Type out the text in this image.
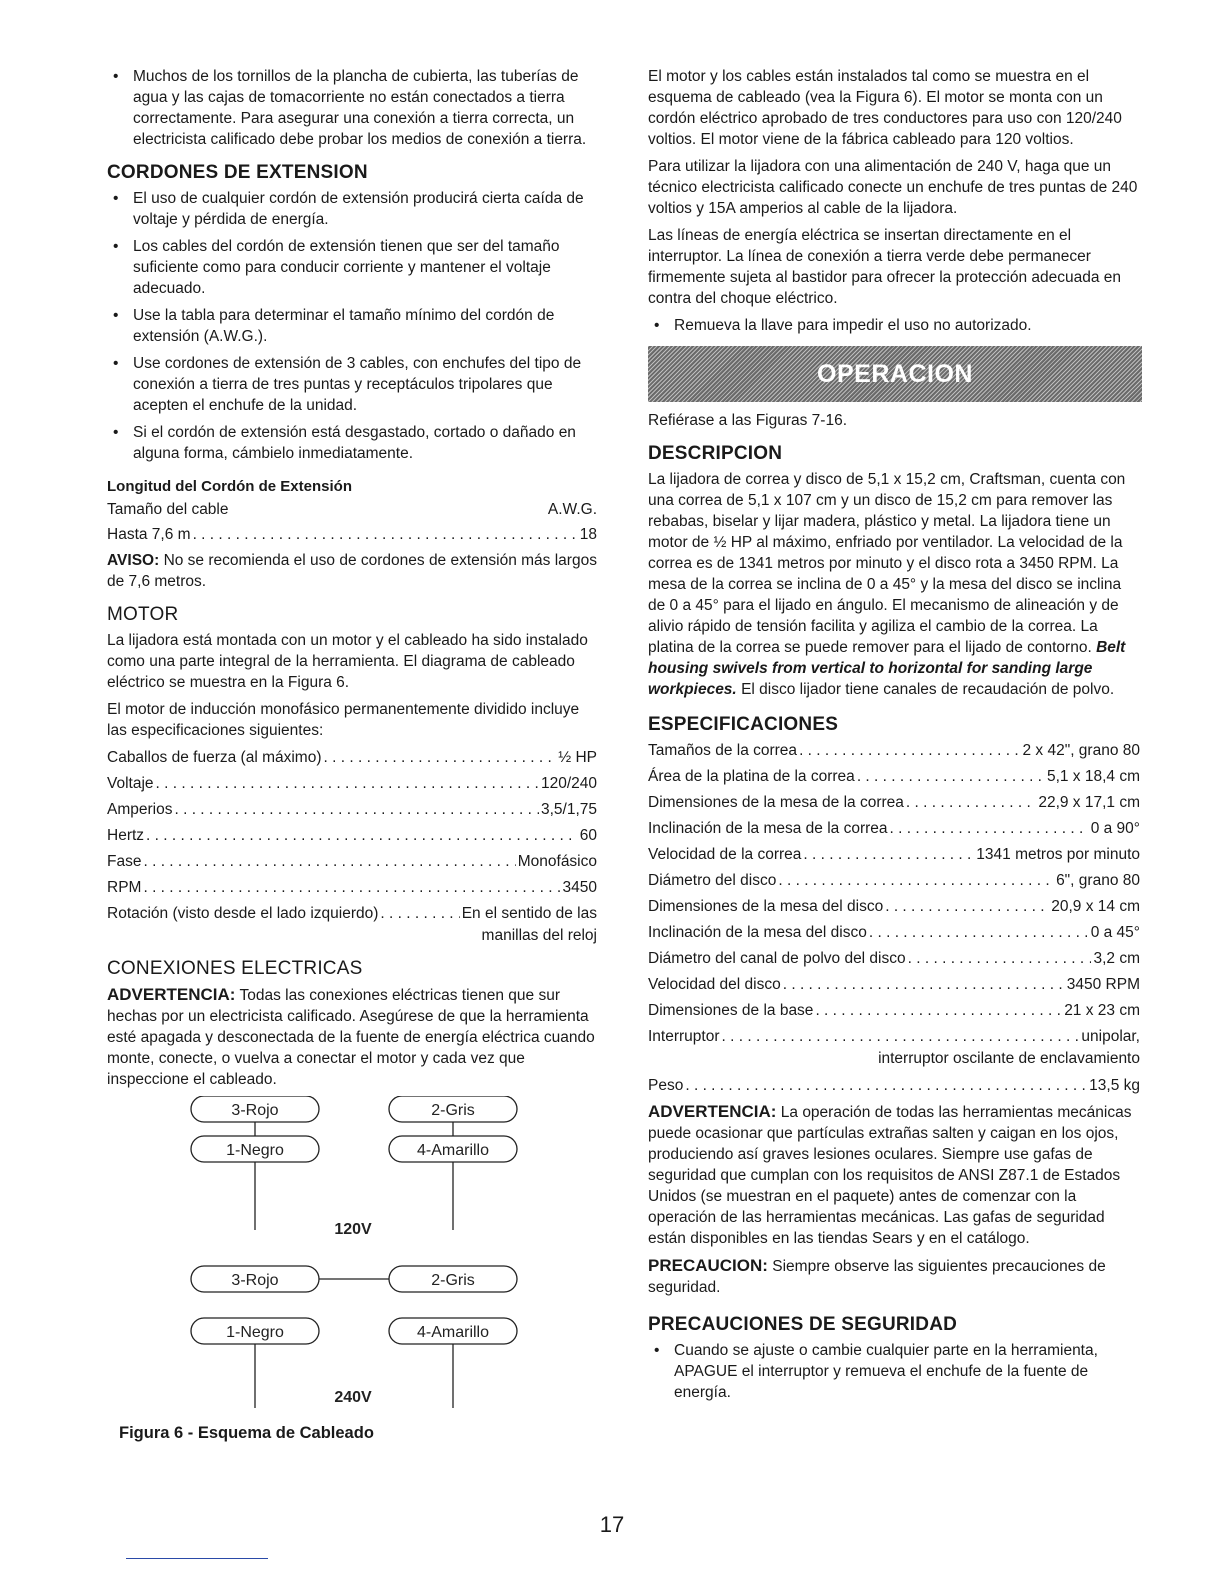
• Muchos de los tornillos de la plancha de cubierta, las tuberías de agua y las cajas de tomacorriente no están conectados a tierra correctamente. Para asegurar una conexión a tierra correcta, un electricista calificado debe probar los medios de conexión a tierra.
CORDONES DE EXTENSION
• El uso de cualquier cordón de extensión producirá cierta caída de voltaje y pérdida de energía.
• Los cables del cordón de extensión tienen que ser del tamaño suficiente como para conducir corriente y mantener el voltaje adecuado.
• Use la tabla para determinar el tamaño mínimo del cordón de extensión (A.W.G.).
• Use cordones de extensión de 3 cables, con enchufes del tipo de conexión a tierra de tres puntas y receptáculos tripolares que acepten el enchufe de la unidad.
• Si el cordón de extensión está desgastado, cortado o dañado en alguna forma, cámbielo inmediatamente.
Longitud del Cordón de Extensión
Tamaño del cable	A.W.G.
Hasta 7,6 m . . .	18

AVISO: No se recomienda el uso de cordones de extensión más largos de 7,6 metros.

MOTOR

La lijadora está montada con un motor y el cableado ha sido instalado como una parte integral de la herramienta. El diagrama de cableado eléctrico se muestra en la Figura 6.

El motor de inducción monofásico permanentemente dividido incluye las especificaciones siguientes:

Caballos de fuerza (al máximo) . . .	½ HP
Voltaje . . .	120/240
Amperios . . .	3,5/1,75
Hertz . . .	60
Fase . . .	Monofásico
RPM . . .	3450
Rotación (visto desde el lado izquierdo) . . .	En el sentido de las
manillas del reloj
CONEXIONES ELECTRICAS

ADVERTENCIA: Todas las conexiones eléctricas tienen que sur hechas por un electricista calificado. Asegúrese de que la herramienta esté apagada y desconectada de la fuente de energía eléctrica cuando monte, conecte, o vuelva a conectar el motor y cada vez que inspeccione el cableado.

3-Rojo	2-Gris
1-Negro	4-Amarillo
120V
3-Rojo	2-Gris
1-Negro	4-Amarillo
240V
Figura 6 - Esquema de Cableado

El motor y los cables están instalados tal como se muestra en el esquema de cableado (vea la Figura 6). El motor se monta con un cordón eléctrico aprobado de tres conductores para uso con 120/240 voltios. El motor viene de la fábrica cableado para 120 voltios.

Para utilizar la lijadora con una alimentación de 240 V, haga que un técnico electricista calificado conecte un enchufe de tres puntas de 240 voltios y 15A amperios al cable de la lijadora.

Las líneas de energía eléctrica se insertan directamente en el interruptor. La línea de conexión a tierra verde debe permanecer firmemente sujeta al bastidor para ofrecer la protección adecuada en contra del choque eléctrico.

• Remueva la llave para impedir el uso no autorizado.
OPERACION

Refiérase a las Figuras 7-16.

DESCRIPCION

La lijadora de correa y disco de 5,1 x 15,2 cm, Craftsman, cuenta con una correa de 5,1 x 107 cm y un disco de 15,2 cm para remover las rebabas, biselar y lijar madera, plástico y metal. La lijadora tiene un motor de ½ HP al máximo, enfriado por ventilador. La velocidad de la correa es de 1341 metros por minuto y el disco rota a 3450 RPM. La mesa de la correa se inclina de 0 a 45° y la mesa del disco se inclina de 0 a 45° para el lijado en ángulo. El mecanismo de alineación y de alivio rápido de tensión facilita y agiliza el cambio de la correa. La platina de la correa se puede remover para el lijado de contorno. Belt housing swivels from vertical to horizontal for sanding large workpieces. El disco lijador tiene canales de recaudación de polvo.

ESPECIFICACIONES
Tamaños de la correa . . .	2 x 42", grano 80
Área de la platina de la correa . . .	5,1 x 18,4 cm
Dimensiones de la mesa de la correa . . .	22,9 x 17,1 cm
Inclinación de la mesa de la correa . . .	0 a 90°
Velocidad de la correa . . .	1341 metros por minuto
Diámetro del disco . . .	6", grano 80
Dimensiones de la mesa del disco . . .	20,9 x 14 cm
Inclinación de la mesa del disco . . .	0 a 45°
Diámetro del canal de polvo del disco . . .	3,2 cm
Velocidad del disco . . .	3450 RPM
Dimensiones de la base . . .	21 x 23 cm
Interruptor . . .	unipolar,
interruptor oscilante de enclavamiento
Peso . . .	13,5 kg

ADVERTENCIA: La operación de todas las herramientas mecánicas puede ocasionar que partículas extrañas salten y caigan en los ojos, produciendo así graves lesiones oculares. Siempre use gafas de seguridad que cumplan con los requisitos de ANSI Z87.1 de Estados Unidos (se muestran en el paquete) antes de comenzar con la operación de las herramientas mecánicas. Las gafas de seguridad están disponibles en las tiendas Sears y en el catálogo.

PRECAUCION: Siempre observe las siguientes precauciones de seguridad.

PRECAUCIONES DE SEGURIDAD
• Cuando se ajuste o cambie cualquier parte en la herramienta, APAGUE el interruptor y remueva el enchufe de la fuente de energía.
17
